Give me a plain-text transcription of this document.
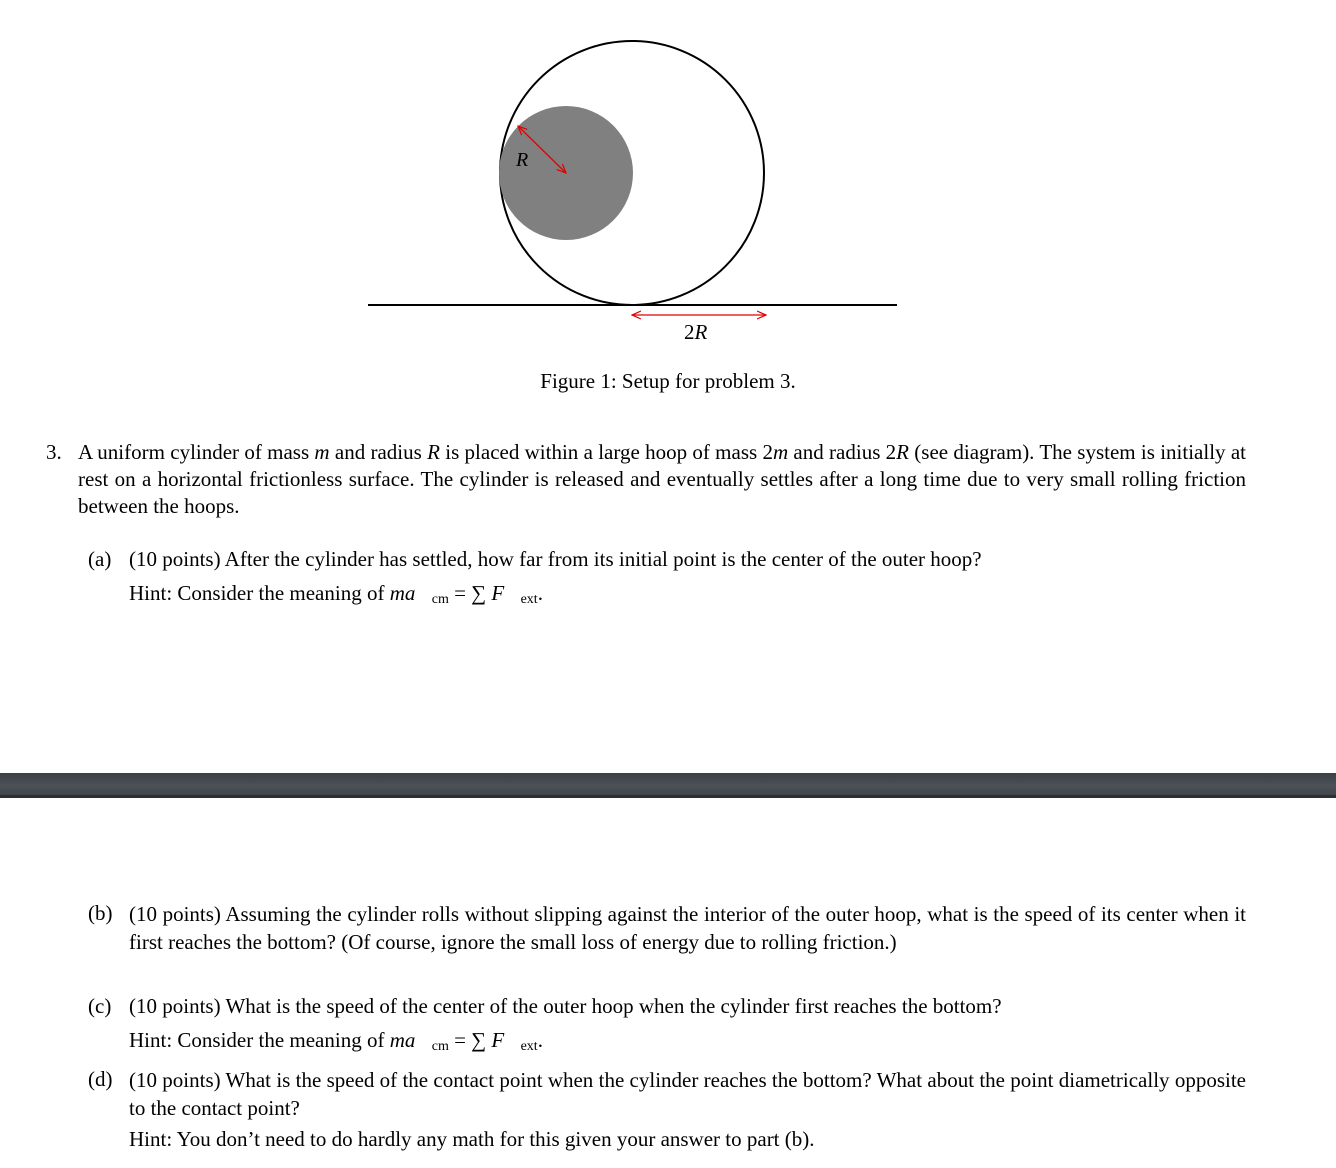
R
2R
Figure 1: Setup for problem 3.
3. A uniform cylinder of mass m and radius R is placed within a large hoop of mass 2m and radius 2R (see diagram). The system is initially at rest on a horizontal frictionless surface. The cylinder is released and eventually settles after a long time due to very small rolling friction between the hoops.
(a) (10 points) After the cylinder has settled, how far from its initial point is the center of the outer hoop?
Hint: Consider the meaning of $ma⃗_{cm}$ = ∑ $F⃗_{ext}$.
(b) (10 points) Assuming the cylinder rolls without slipping against the interior of the outer hoop, what is the speed of its center when it first reaches the bottom? (Of course, ignore the small loss of energy due to rolling friction.)
(c) (10 points) What is the speed of the center of the outer hoop when the cylinder first reaches the bottom?
Hint: Consider the meaning of $ma⃗_{cm}$ = ∑ $F⃗_{ext}$.
(d) (10 points) What is the speed of the contact point when the cylinder reaches the bottom? What about the point diametrically opposite to the contact point?
Hint: You don’t need to do hardly any math for this given your answer to part (b).
